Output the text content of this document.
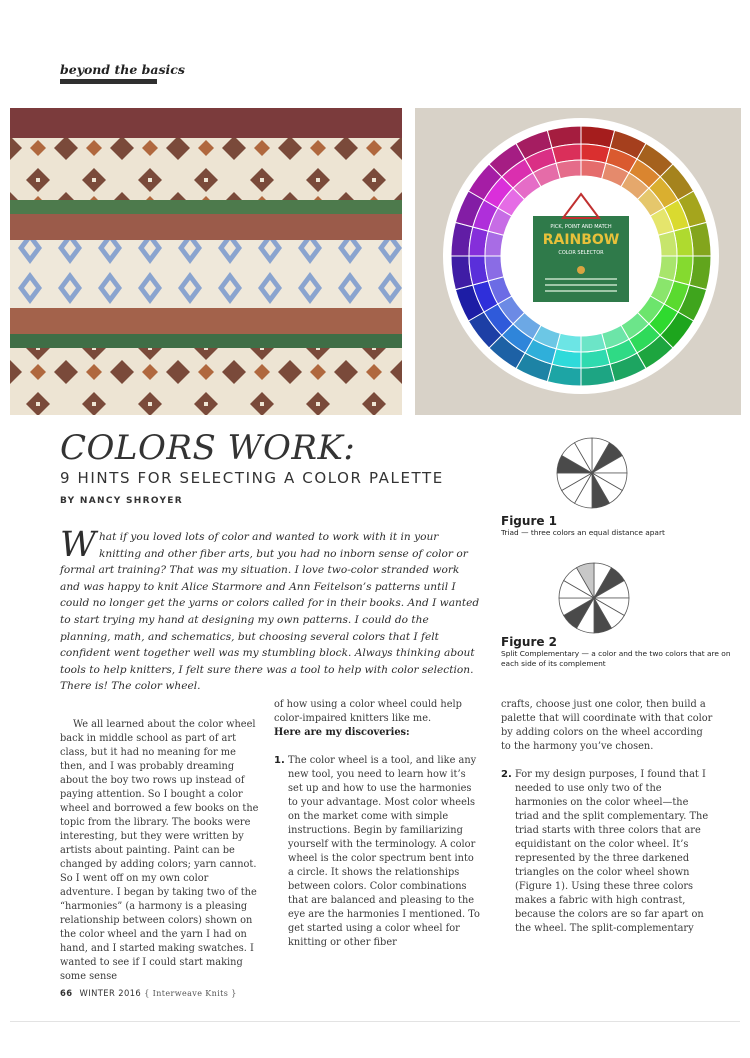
beyond the basics
PICK, POINT AND MATCH
RAINBOW
COLOR SELECTOR
COLORS WORK:
9 HINTS FOR SELECTING A COLOR PALETTE
BY NANCY SHROYER
What if you loved lots of color and wanted to work with it in your knitting and other fiber arts, but you had no inborn sense of color or formal art training? That was my situation. I love two-color stranded work and was happy to knit Alice Starmore and Ann Feitelson’s patterns until I could no longer get the yarns or colors called for in their books. And I wanted to start trying my hand at designing my own patterns. I could do the planning, math, and schematics, but choosing several colors that I felt confident went together well was my stumbling block. Always thinking about tools to help knitters, I felt sure there was a tool to help with color selection. There is! The color wheel.
Figure 1
Triad — three colors an equal distance apart
Figure 2
Split Complementary — a color and the two colors that are on each side of its complement

We all learned about the color wheel back in middle school as part of art class, but it had no meaning for me then, and I was probably dreaming about the boy two rows up instead of paying attention. So I bought a color wheel and borrowed a few books on the topic from the library. The books were interesting, but they were written by artists about painting. Paint can be changed by adding colors; yarn cannot. So I went off on my own color adventure. I began by taking two of the “harmonies” (a harmony is a pleasing relationship between colors) shown on the color wheel and the yarn I had on hand, and I started making swatches. I wanted to see if I could start making some sense

of how using a color wheel could help color-impaired knitters like me.

Here are my discoveries:

1. The color wheel is a tool, and like any new tool, you need to learn how it’s set up and how to use the harmonies to your advantage. Most color wheels on the market come with simple instructions. Begin by familiarizing yourself with the terminology. A color wheel is the color spectrum bent into a circle. It shows the relationships between colors. Color combinations that are balanced and pleasing to the eye are the harmonies I mentioned. To get started using a color wheel for knitting or other fiber

crafts, choose just one color, then build a palette that will coordinate with that color by adding colors on the wheel according to the harmony you’ve chosen.

2. For my design purposes, I found that I needed to use only two of the harmonies on the color wheel—the triad and the split complementary. The triad starts with three colors that are equidistant on the color wheel. It’s represented by the three darkened triangles on the color wheel shown (Figure 1). Using these three colors makes a fabric with high contrast, because the colors are so far apart on the wheel. The split-complementary

66 WINTER 2016 { Interweave Knits }
